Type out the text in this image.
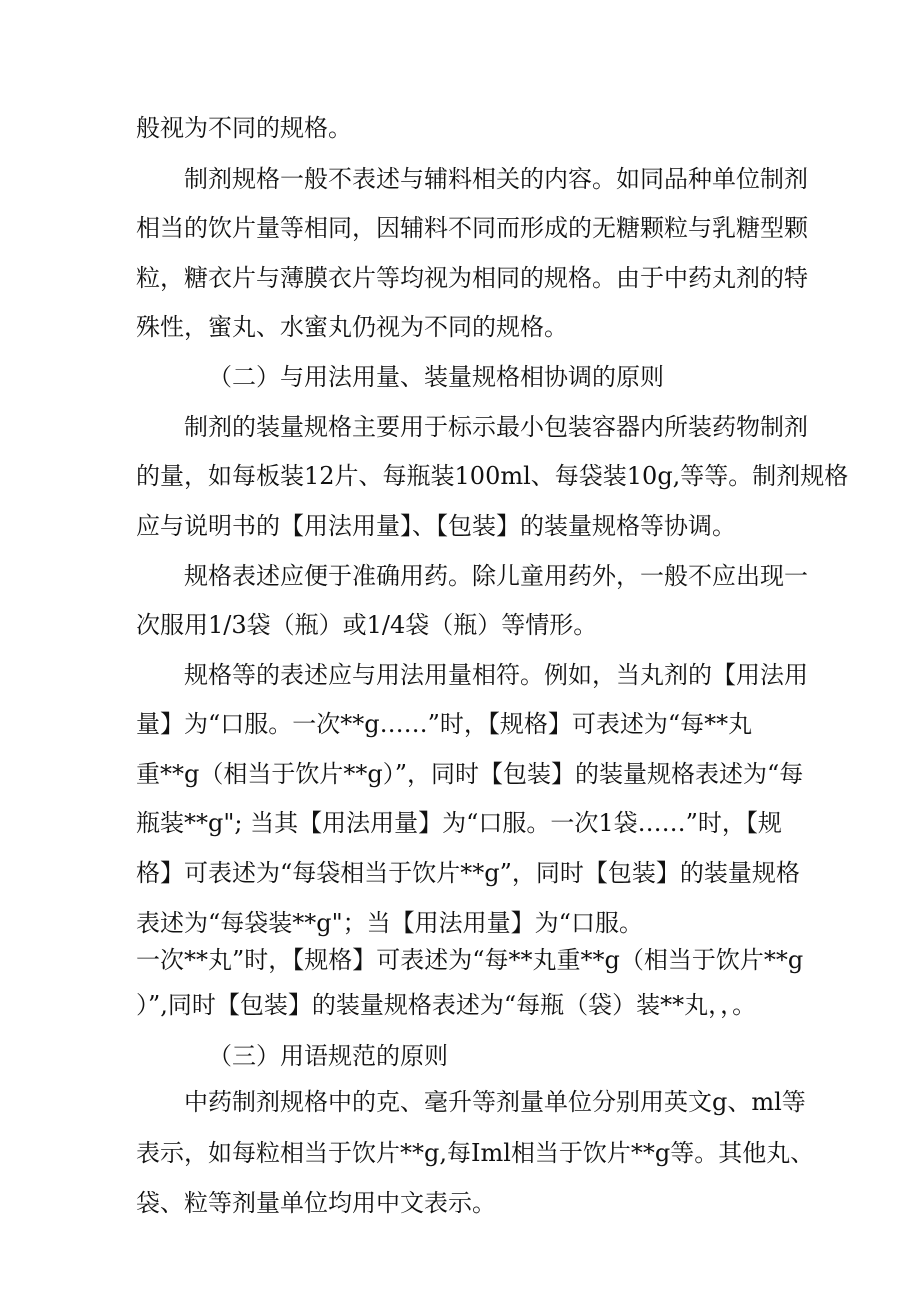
般视为不同的规格。
制剂规格一般不表述与辅料相关的内容。如同品种单位制剂
相当的饮片量等相同，因辅料不同而形成的无糖颗粒与乳糖型颗
粒，糖衣片与薄膜衣片等均视为相同的规格。由于中药丸剂的特
殊性，蜜丸、水蜜丸仍视为不同的规格。
（二）与用法用量、装量规格相协调的原则
制剂的装量规格主要用于标示最小包装容器内所装药物制剂
的量，如每板装12片、每瓶装100ml、每袋装10g,等等。制剂规格
应与说明书的【用法用量】、【包装】的装量规格等协调。
规格表述应便于准确用药。除儿童用药外，一般不应出现一
次服用1/3袋（瓶）或1/4袋（瓶）等情形。
规格等的表述应与用法用量相符。例如，当丸剂的【用法用
量】为“口服。一次**g……”时，【规格】可表述为“每**丸
重**g（相当于饮片**g）”，同时【包装】的装量规格表述为“每
瓶装**g"; 当其【用法用量】为“口服。一次1袋……”时，【规
格】可表述为“每袋相当于饮片**g”，同时【包装】的装量规格
表述为“每袋装**g"；当【用法用量】为“口服。
一次**丸”时，【规格】可表述为“每**丸重**g（相当于饮片**g
）”,同时【包装】的装量规格表述为“每瓶（袋）装**丸，，。
（三）用语规范的原则
中药制剂规格中的克、毫升等剂量单位分别用英文g、ml等
表示，如每粒相当于饮片**g,每Iml相当于饮片**g等。其他丸、
袋、粒等剂量单位均用中文表示。
